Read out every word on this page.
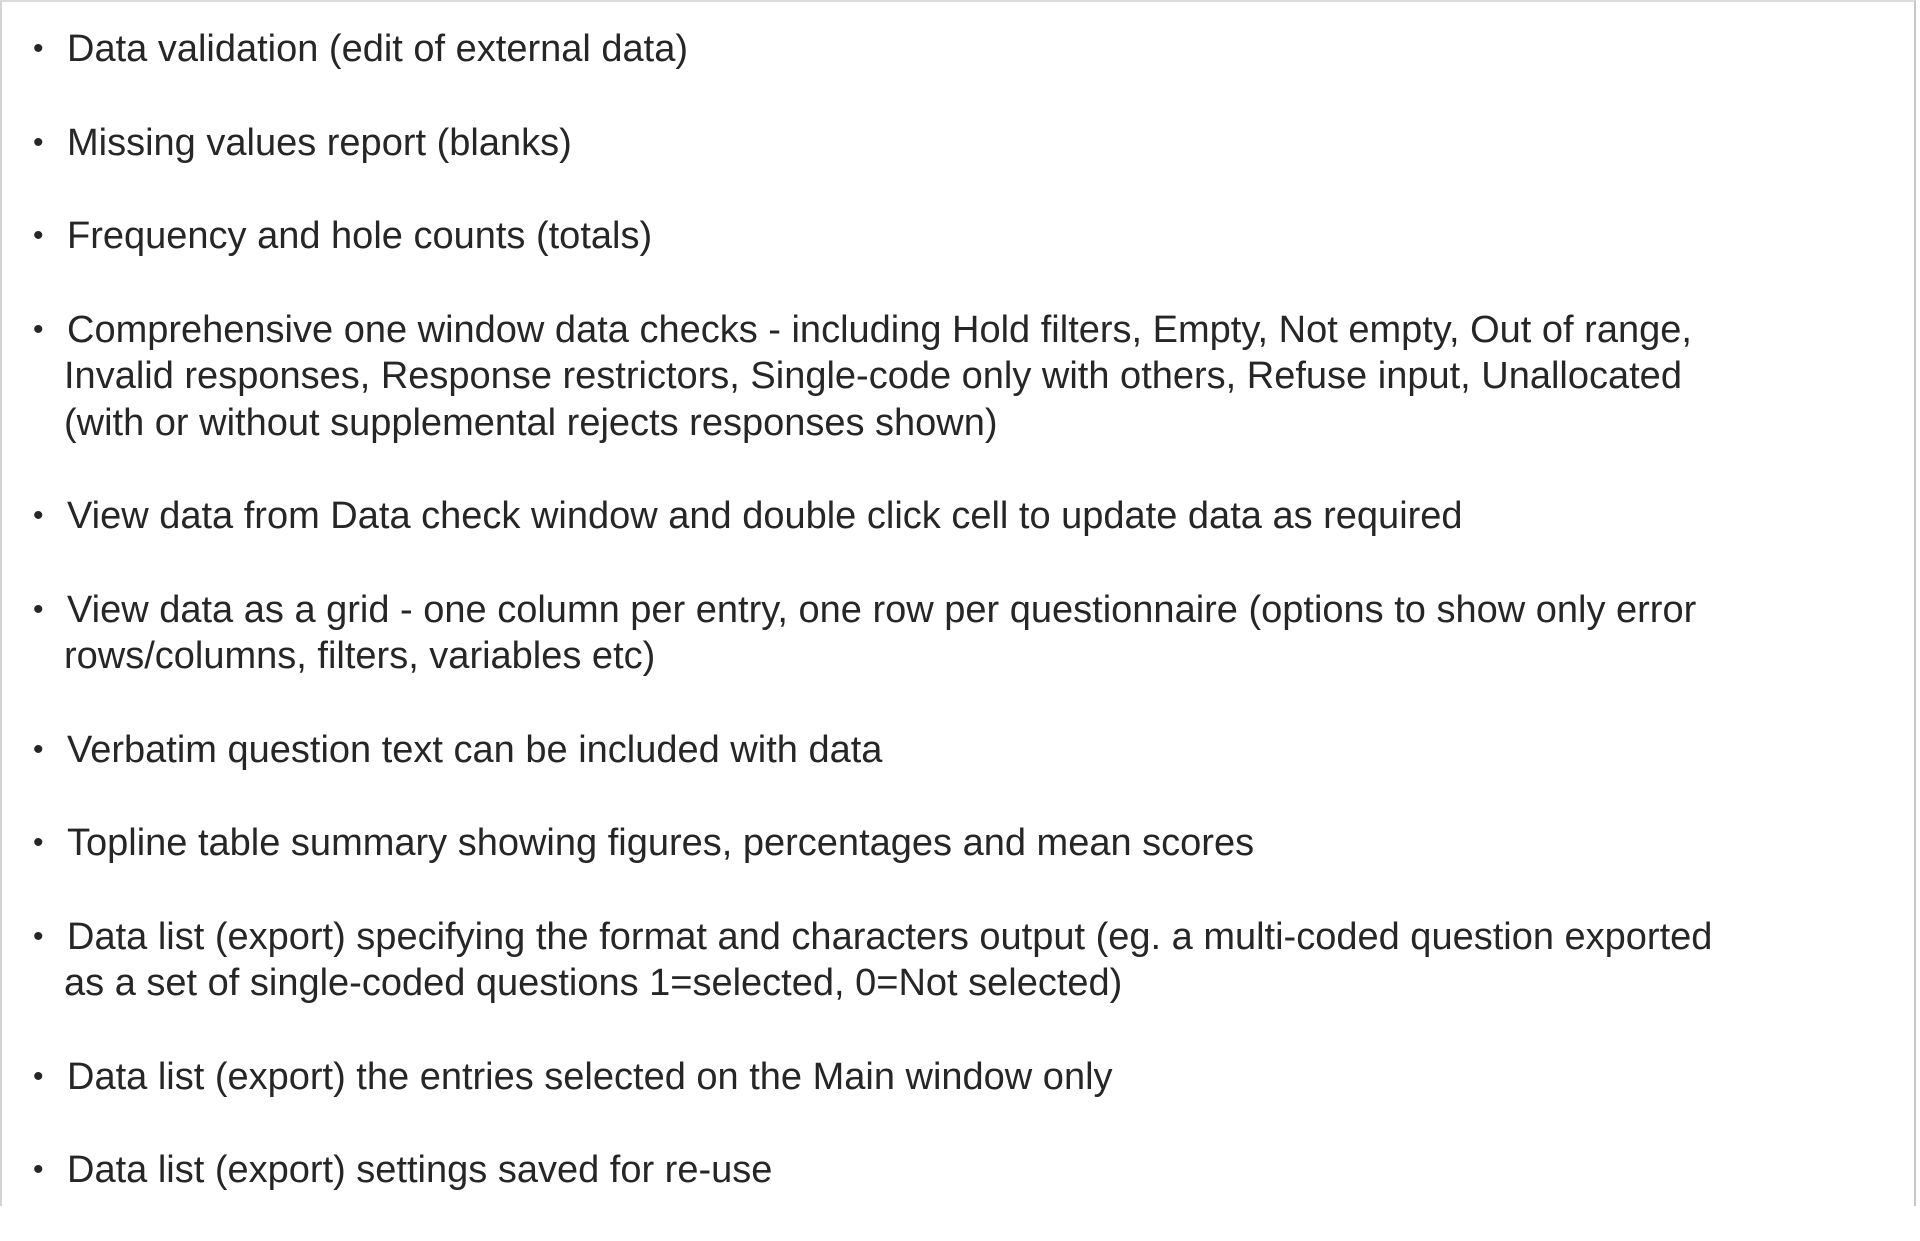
• Data validation (edit of external data)
• Missing values report (blanks)
• Frequency and hole counts (totals)
• Comprehensive one window data checks - including Hold filters, Empty, Not empty, Out of range,
Invalid responses, Response restrictors, Single-code only with others, Refuse input, Unallocated
(with or without supplemental rejects responses shown)
• View data from Data check window and double click cell to update data as required
• View data as a grid - one column per entry, one row per questionnaire (options to show only error
rows/columns, filters, variables etc)
• Verbatim question text can be included with data
• Topline table summary showing figures, percentages and mean scores
• Data list (export) specifying the format and characters output (eg. a multi-coded question exported
as a set of single-coded questions 1=selected, 0=Not selected)
• Data list (export) the entries selected on the Main window only
• Data list (export) settings saved for re-use
